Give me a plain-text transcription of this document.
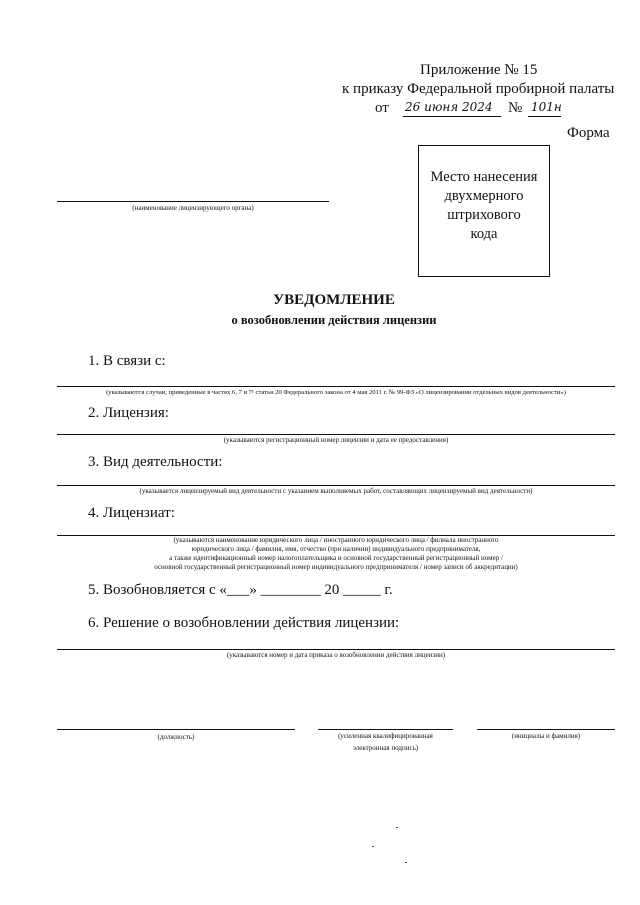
Приложение № 15
к приказу Федеральной пробирной палаты
от 26 июня 2024 № 101н
Форма
(наименование лицензирующего органа)
Место нанесения
двухмерного
штрихового
кода
УВЕДОМЛЕНИЕ
о возобновлении действия лицензии
1. В связи с:
(указываются случаи, приведенные в частях 6, 7 и 7¹ статьи 20 Федерального закона от 4 мая 2011 г. № 99-ФЗ «О лицензировании отдельных видов деятельности»)
2. Лицензия:
(указываются регистрационный номер лицензии и дата ее предоставления)
3. Вид деятельности:
(указывается лицензируемый вид деятельности с указанием выполняемых работ, составляющих лицензируемый вид деятельности)
4. Лицензиат:
(указываются наименование юридического лица / иностранного юридического лица / филиала иностранного
юридического лица / фамилия, имя, отчество (при наличии) индивидуального предпринимателя,
а также идентификационный номер налогоплательщика и основной государственный регистрационный номер /
основной государственный регистрационный номер индивидуального предпринимателя / номер записи об аккредитации)
5. Возобновляется с «___» ________ 20 _____ г.
6. Решение о возобновлении действия лицензии:
(указываются номер и дата приказа о возобновлении действия лицензии)
(должность)	(усиленная квалифицированная
электронная подпись)
(инициалы и фамилия)
